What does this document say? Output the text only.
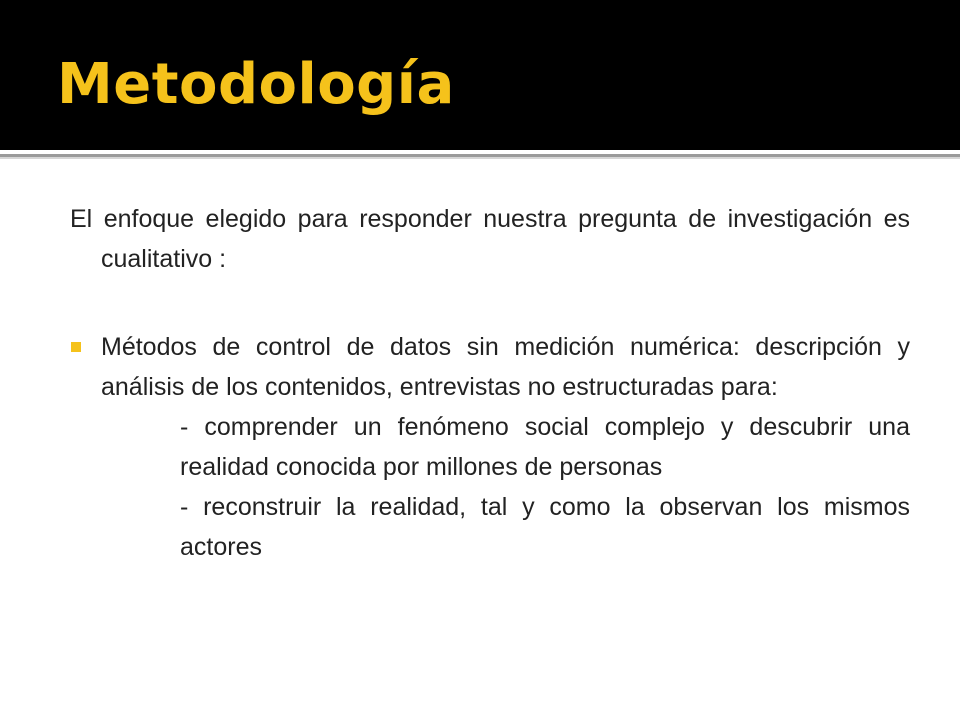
Metodología

El enfoque elegido para responder nuestra pregunta de investigación es cualitativo :

Métodos de control de datos sin medición numérica: descripción y análisis de los contenidos, entrevistas no estructuradas para:

- comprender un fenómeno social complejo y descubrir una realidad conocida por millones de personas

- reconstruir la realidad, tal y como la observan los mismos actores
